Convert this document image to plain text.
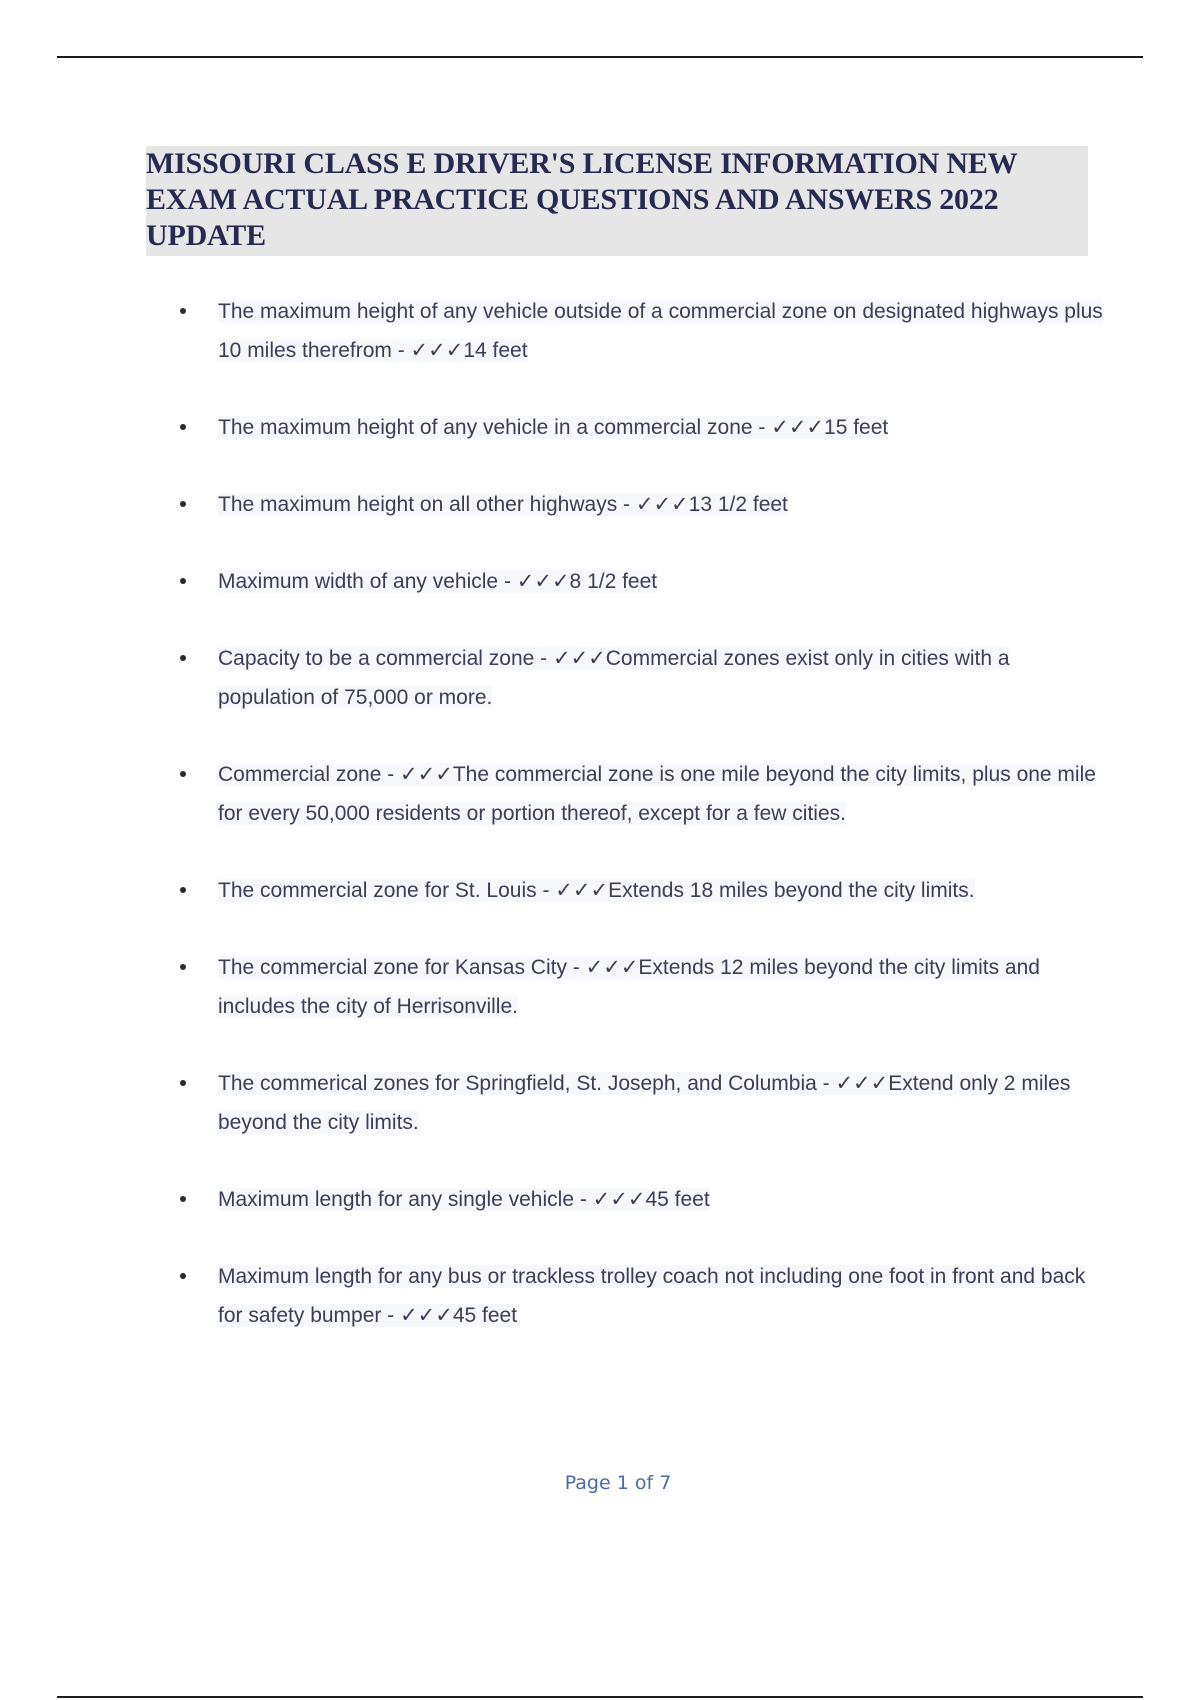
MISSOURI CLASS E DRIVER'S LICENSE INFORMATION NEW EXAM ACTUAL PRACTICE QUESTIONS AND ANSWERS 2022 UPDATE
The maximum height of any vehicle outside of a commercial zone on designated highways plus 10 miles therefrom - ✓✓✓14 feet
The maximum height of any vehicle in a commercial zone - ✓✓✓15 feet
The maximum height on all other highways - ✓✓✓13 1/2 feet
Maximum width of any vehicle - ✓✓✓8 1/2 feet
Capacity to be a commercial zone - ✓✓✓Commercial zones exist only in cities with a population of 75,000 or more.
Commercial zone - ✓✓✓The commercial zone is one mile beyond the city limits, plus one mile for every 50,000 residents or portion thereof, except for a few cities.
The commercial zone for St. Louis - ✓✓✓Extends 18 miles beyond the city limits.
The commercial zone for Kansas City - ✓✓✓Extends 12 miles beyond the city limits and includes the city of Herrisonville.
The commerical zones for Springfield, St. Joseph, and Columbia - ✓✓✓Extend only 2 miles beyond the city limits.
Maximum length for any single vehicle - ✓✓✓45 feet
Maximum length for any bus or trackless trolley coach not including one foot in front and back for safety bumper - ✓✓✓45 feet
Page 1 of 7
